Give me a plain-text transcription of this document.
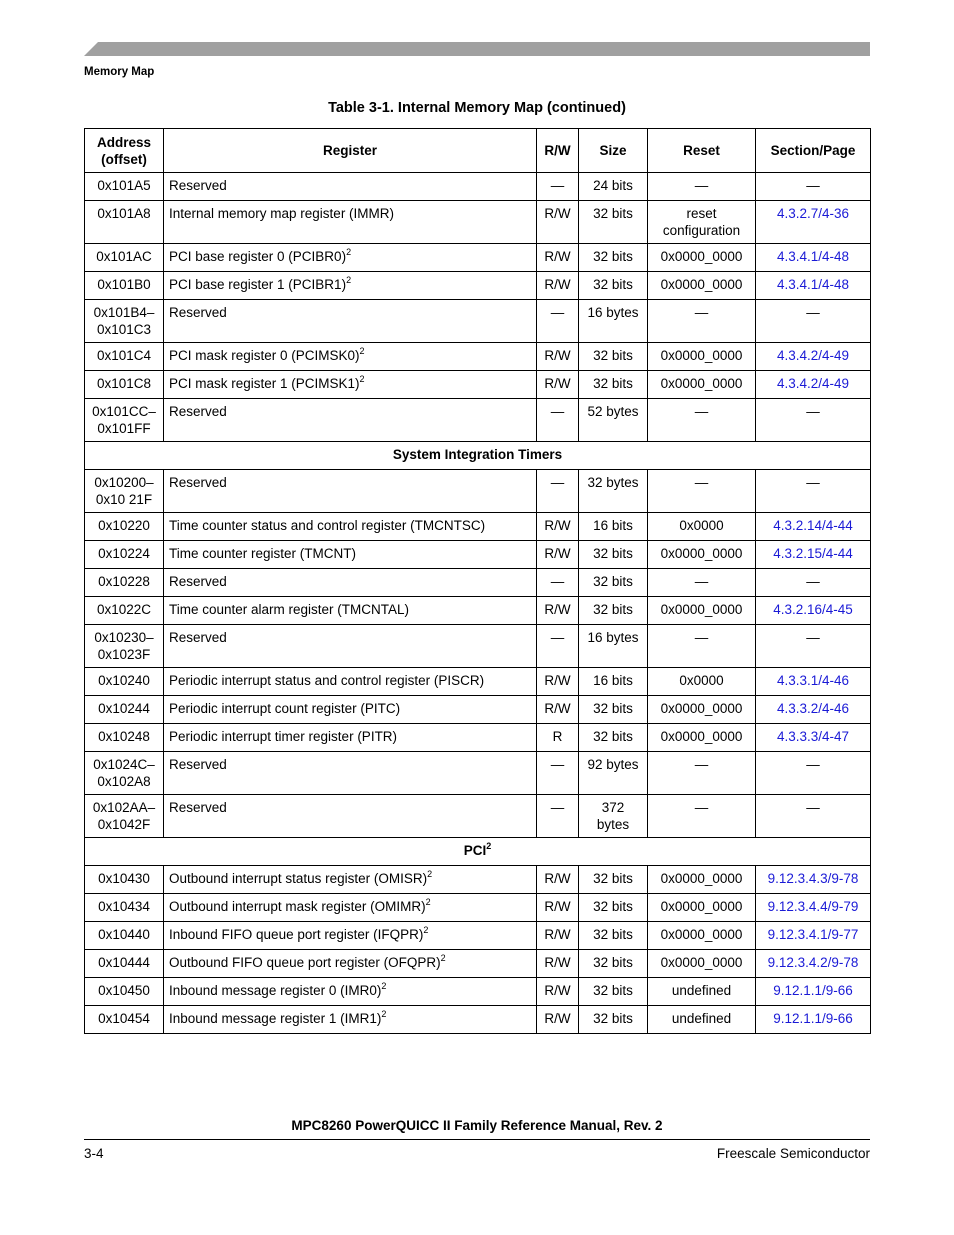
Memory Map
Table 3-1. Internal Memory Map (continued)
Address (offset)	Register	R/W	Size	Reset	Section/Page
0x101A5	Reserved	—	24 bits	—	—
0x101A8	Internal memory map register (IMMR)	R/W	32 bits	reset configuration	4.3.2.7/4-36
0x101AC	PCI base register 0 (PCIBR0)$^2$	R/W	32 bits	0x0000_0000	4.3.4.1/4-48
0x101B0	PCI base register 1 (PCIBR1)$^2$	R/W	32 bits	0x0000_0000	4.3.4.1/4-48
0x101B4–0x101C3	Reserved	—	16 bytes	—	—
0x101C4	PCI mask register 0 (PCIMSK0)$^2$	R/W	32 bits	0x0000_0000	4.3.4.2/4-49
0x101C8	PCI mask register 1 (PCIMSK1)$^2$	R/W	32 bits	0x0000_0000	4.3.4.2/4-49
0x101CC–0x101FF	Reserved	—	52 bytes	—	—
System Integration Timers					
0x10200–0x10 21F	Reserved	—	32 bytes	—	—
0x10220	Time counter status and control register (TMCNTSC)	R/W	16 bits	0x0000	4.3.2.14/4-44
0x10224	Time counter register (TMCNT)	R/W	32 bits	0x0000_0000	4.3.2.15/4-44
0x10228	Reserved	—	32 bits	—	—
0x1022C	Time counter alarm register (TMCNTAL)	R/W	32 bits	0x0000_0000	4.3.2.16/4-45
0x10230–0x1023F	Reserved	—	16 bytes	—	—
0x10240	Periodic interrupt status and control register (PISCR)	R/W	16 bits	0x0000	4.3.3.1/4-46
0x10244	Periodic interrupt count register (PITC)	R/W	32 bits	0x0000_0000	4.3.3.2/4-46
0x10248	Periodic interrupt timer register (PITR)	R	32 bits	0x0000_0000	4.3.3.3/4-47
0x1024C–0x102A8	Reserved	—	92 bytes	—	—
0x102AA–0x1042F	Reserved	—	372 bytes	—	—
PCI$^2$
0x10430	Outbound interrupt status register (OMISR)$^2$	R/W	32 bits	0x0000_0000	9.12.3.4.3/9-78
0x10434	Outbound interrupt mask register (OMIMR)$^2$	R/W	32 bits	0x0000_0000	9.12.3.4.4/9-79
0x10440	Inbound FIFO queue port register (IFQPR)$^2$	R/W	32 bits	0x0000_0000	9.12.3.4.1/9-77
0x10444	Outbound FIFO queue port register (OFQPR)$^2$	R/W	32 bits	0x0000_0000	9.12.3.4.2/9-78
0x10450	Inbound message register 0 $(IMR0)^2$	R/W	32 bits	undefined	9.12.1.1/9-66
0x10454	Inbound message register 1 $(IMR1)^2$	R/W	32 bits	undefined	9.12.1.1/9-66
MPC8260 PowerQUICC II Family Reference Manual, Rev. 2
3-4	Freescale Semiconductor
